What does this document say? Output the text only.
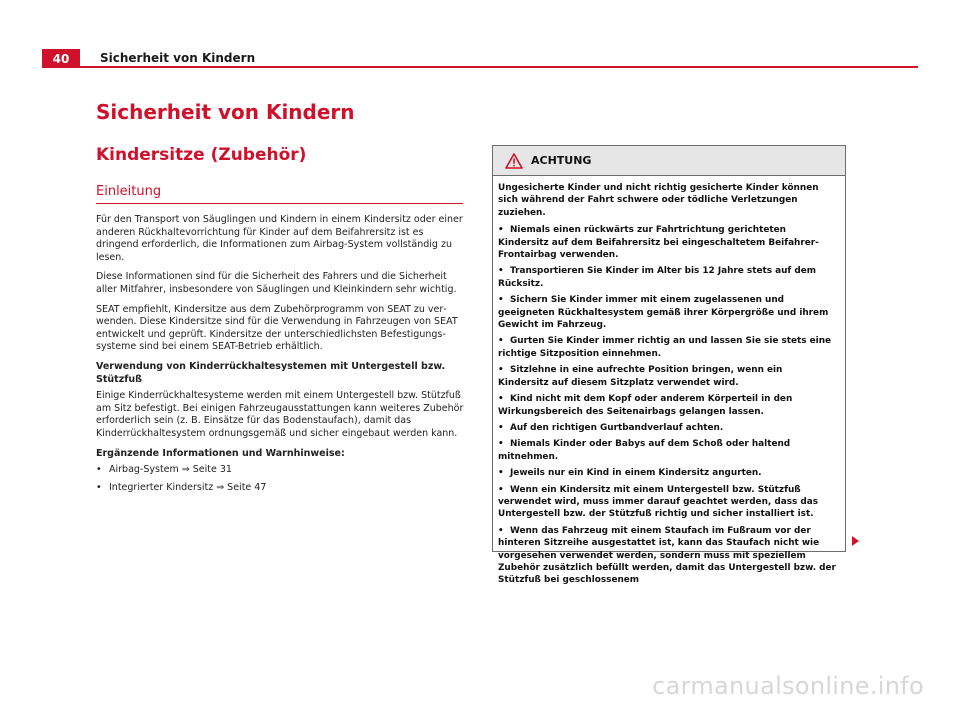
40	Sicherheit von Kindern
Sicherheit von Kindern
Kindersitze (Zubehör)
Einleitung

Für den Transport von Säuglingen und Kindern in einem Kindersitz oder einer anderen Rückhaltevorrichtung für Kinder auf dem Beifahrersitz ist es dringend erforderlich, die Informationen zum Airbag-System vollständig zu lesen.

Diese Informationen sind für die Sicherheit des Fahrers und die Sicherheit aller Mitfahrer, insbesondere von Säuglingen und Kleinkindern sehr wichtig.

SEAT empfiehlt, Kindersitze aus dem Zubehörprogramm von SEAT zu verwenden. Diese Kindersitze sind für die Verwendung in Fahrzeugen von SEAT entwickelt und geprüft. Kindersitze der unterschiedlichsten Befestigungssysteme sind bei einem SEAT-Betrieb erhältlich.

Verwendung von Kinderrückhaltesystemen mit Untergestell bzw. Stützfuß

Einige Kinderrückhaltesysteme werden mit einem Untergestell bzw. Stützfuß am Sitz befestigt. Bei einigen Fahrzeugausstattungen kann weiteres Zubehör erforderlich sein (z. B. Einsätze für das Bodenstaufach), damit das Kinderrückhaltesystem ordnungsgemäß und sicher eingebaut werden kann.

Ergänzende Informationen und Warnhinweise:

• Airbag-System ⇒ Seite 31
• Integrierter Kindersitz ⇒ Seite 47
ACHTUNG

Ungesicherte Kinder und nicht richtig gesicherte Kinder können sich während der Fahrt schwere oder tödliche Verletzungen zuziehen.

• Niemals einen rückwärts zur Fahrtrichtung gerichteten Kindersitz auf dem Beifahrersitz bei eingeschaltetem Beifahrer-Frontairbag verwenden.
• Transportieren Sie Kinder im Alter bis 12 Jahre stets auf dem Rücksitz.
• Sichern Sie Kinder immer mit einem zugelassenen und geeigneten Rückhaltesystem gemäß ihrer Körpergröße und ihrem Gewicht im Fahrzeug.
• Gurten Sie Kinder immer richtig an und lassen Sie sie stets eine richtige Sitzposition einnehmen.
• Sitzlehne in eine aufrechte Position bringen, wenn ein Kindersitz auf diesem Sitzplatz verwendet wird.
• Kind nicht mit dem Kopf oder anderem Körperteil in den Wirkungsbereich des Seitenairbags gelangen lassen.
• Auf den richtigen Gurtbandverlauf achten.
• Niemals Kinder oder Babys auf dem Schoß oder haltend mitnehmen.
• Jeweils nur ein Kind in einem Kindersitz angurten.
• Wenn ein Kindersitz mit einem Untergestell bzw. Stützfuß verwendet wird, muss immer darauf geachtet werden, dass das Untergestell bzw. der Stützfuß richtig und sicher installiert ist.
• Wenn das Fahrzeug mit einem Staufach im Fußraum vor der hinteren Sitzreihe ausgestattet ist, kann das Staufach nicht wie vorgesehen verwendet werden, sondern muss mit speziellem Zubehör zusätzlich befüllt werden, damit das Untergestell bzw. der Stützfuß bei geschlossenem
carmanualsonline.info
